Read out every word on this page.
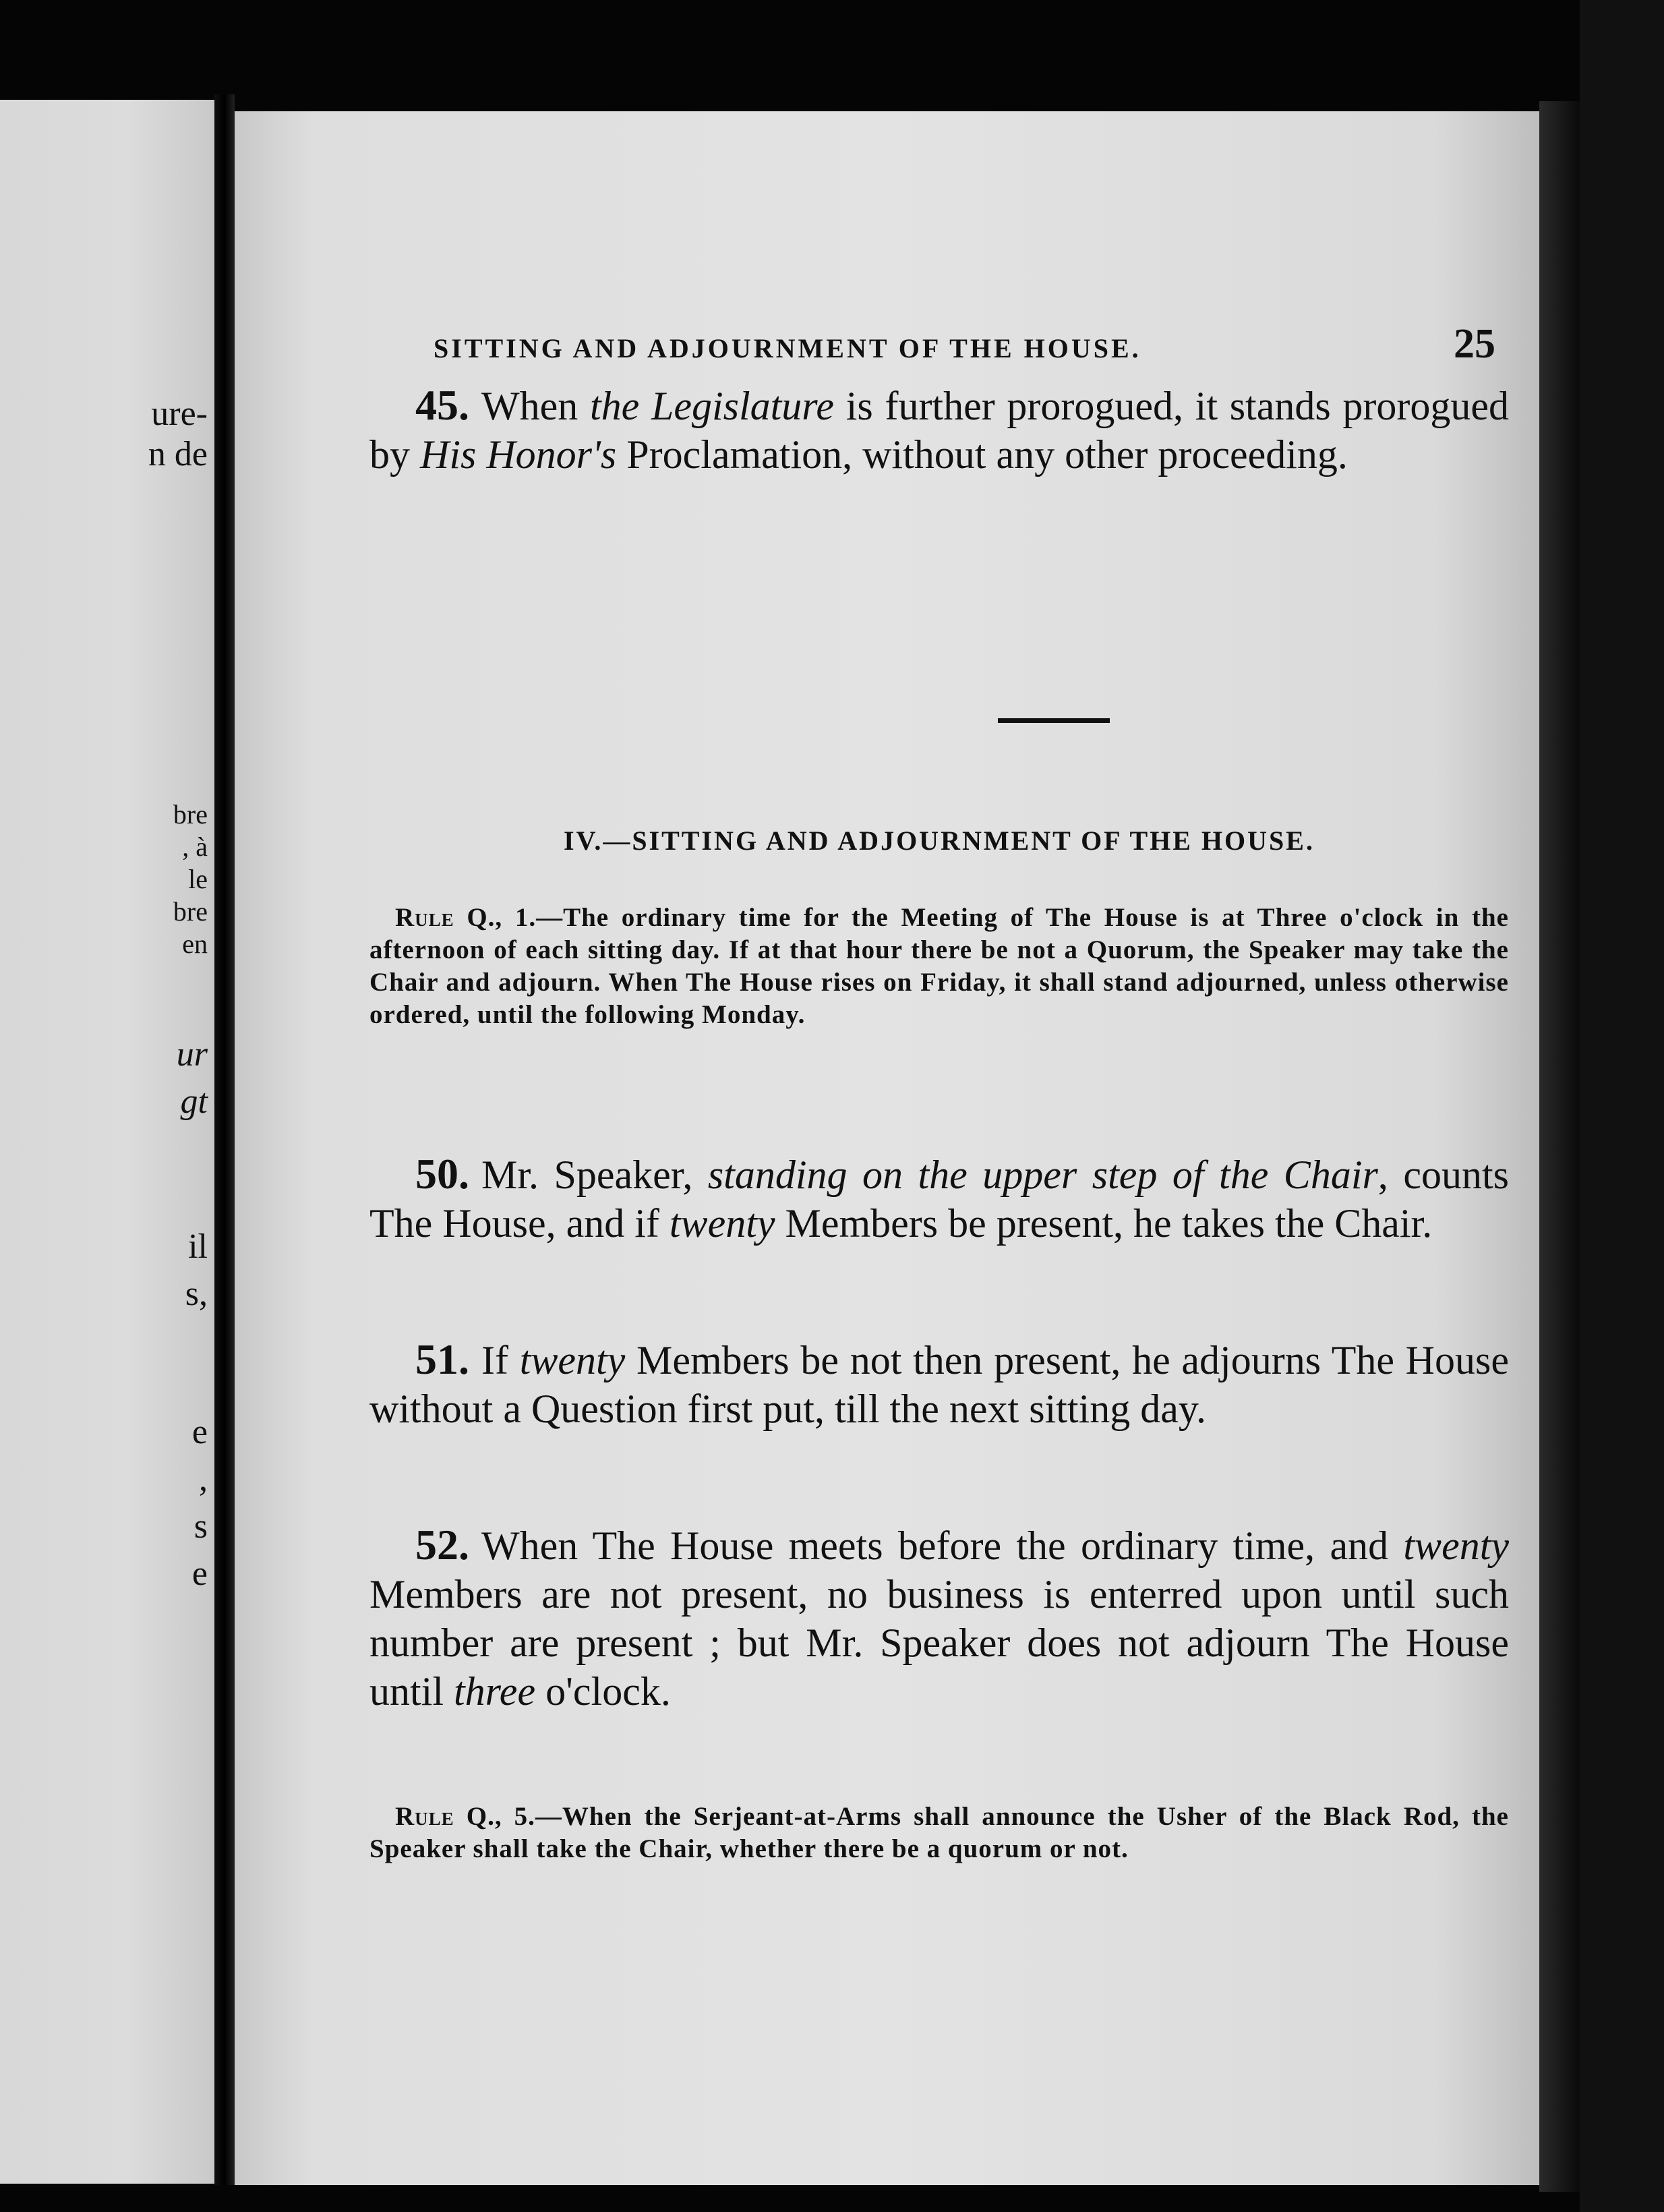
ure-
n de
bre
, à
le
bre
en
ur
gt
il
s,
e
,
s
e
SITTING AND ADJOURNMENT OF THE HOUSE.	25
45. When the Legislature is further prorogued, it stands prorogued by His Honor's Proclamation, without any other proceeding.
IV.—SITTING AND ADJOURNMENT OF THE HOUSE.
Rule Q., 1.—The ordinary time for the Meeting of The House is at Three o'clock in the afternoon of each sitting day. If at that hour there be not a Quorum, the Speaker may take the Chair and adjourn. When The House rises on Friday, it shall stand adjourned, unless otherwise ordered, until the following Monday.
50. Mr. Speaker, standing on the upper step of the Chair, counts The House, and if twenty Members be present, he takes the Chair.
51. If twenty Members be not then present, he adjourns The House without a Question first put, till the next sitting day.
52. When The House meets before the ordinary time, and twenty Members are not present, no business is enterred upon until such number are present ; but Mr. Speaker does not adjourn The House until three o'clock.
Rule Q., 5.—When the Serjeant-at-Arms shall announce the Usher of the Black Rod, the Speaker shall take the Chair, whether there be a quorum or not.
